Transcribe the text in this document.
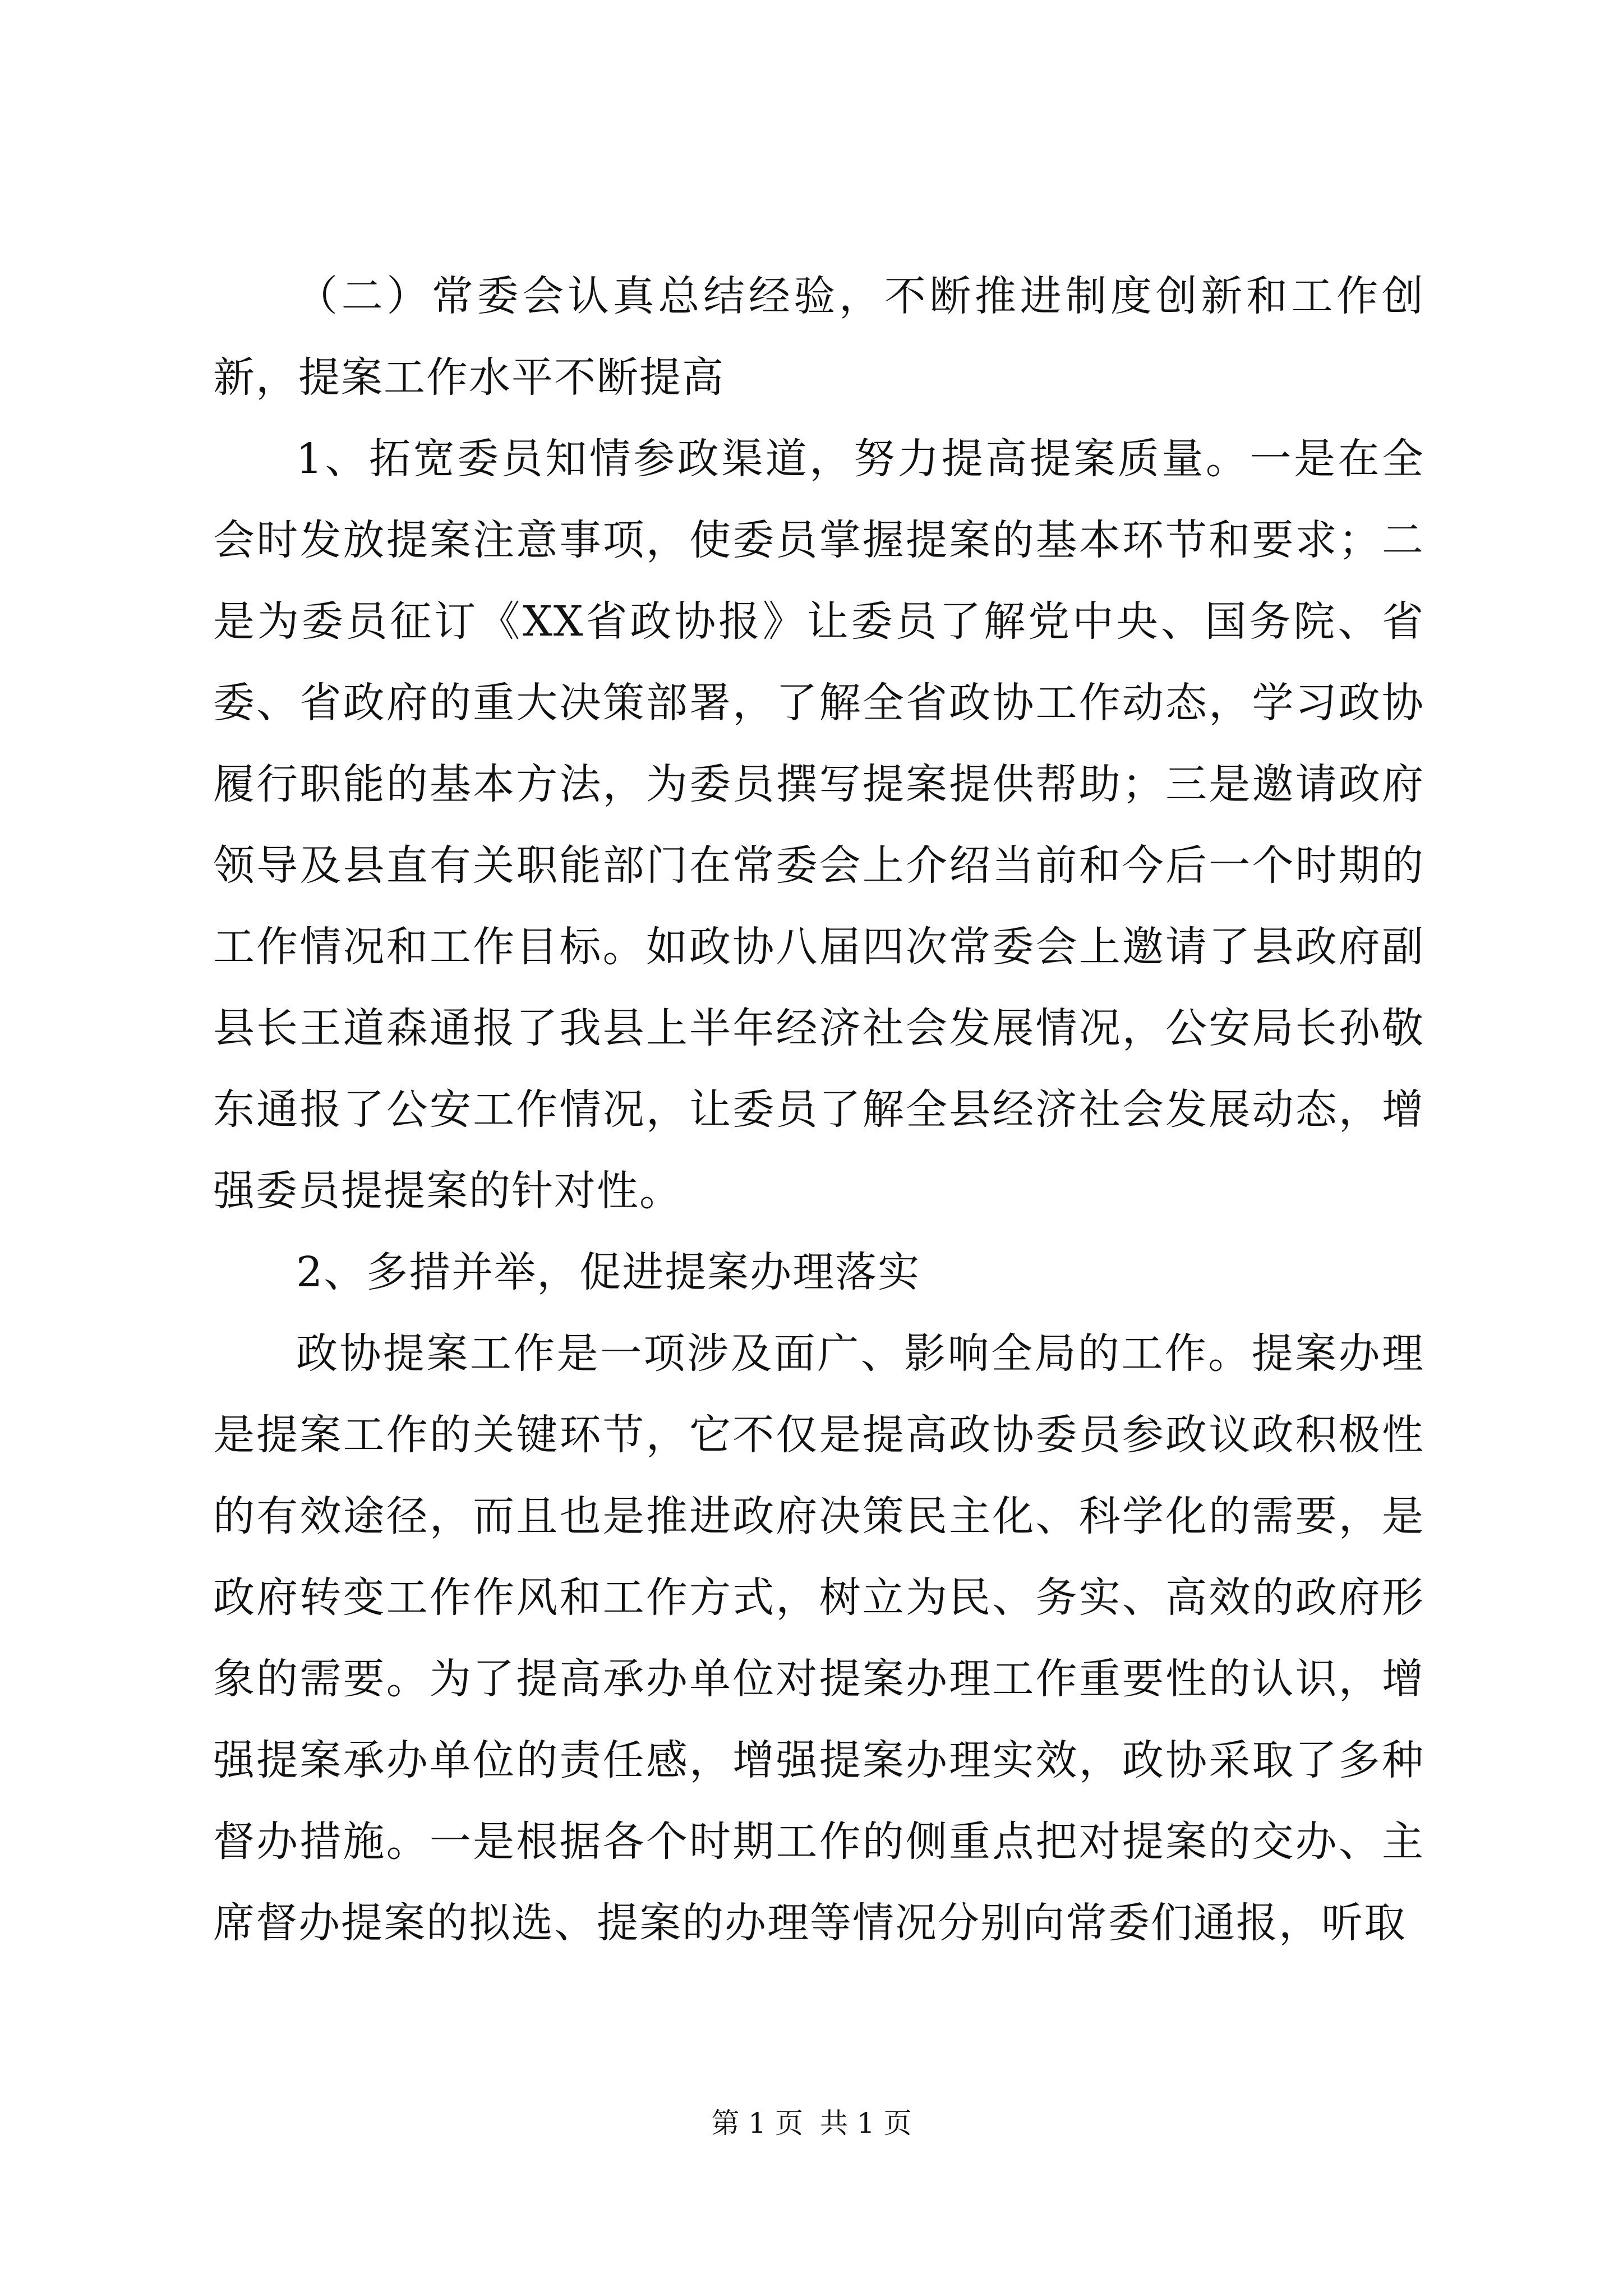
（二）常委会认真总结经验，不断推进制度创新和工作创新，提案工作水平不断提高

1、拓宽委员知情参政渠道，努力提高提案质量。一是在全会时发放提案注意事项，使委员掌握提案的基本环节和要求；二是为委员征订《XX省政协报》让委员了解党中央、国务院、省委、省政府的重大决策部署，了解全省政协工作动态，学习政协履行职能的基本方法，为委员撰写提案提供帮助；三是邀请政府领导及县直有关职能部门在常委会上介绍当前和今后一个时期的工作情况和工作目标。如政协八届四次常委会上邀请了县政府副县长王道森通报了我县上半年经济社会发展情况，公安局长孙敬东通报了公安工作情况，让委员了解全县经济社会发展动态，增强委员提提案的针对性。

2、多措并举，促进提案办理落实

政协提案工作是一项涉及面广、影响全局的工作。提案办理是提案工作的关键环节，它不仅是提高政协委员参政议政积极性的有效途径，而且也是推进政府决策民主化、科学化的需要，是政府转变工作作风和工作方式，树立为民、务实、高效的政府形象的需要。为了提高承办单位对提案办理工作重要性的认识，增强提案承办单位的责任感，增强提案办理实效，政协采取了多种督办措施。一是根据各个时期工作的侧重点把对提案的交办、主席督办提案的拟选、提案的办理等情况分别向常委们通报，听取

第 1 页 共 1 页
